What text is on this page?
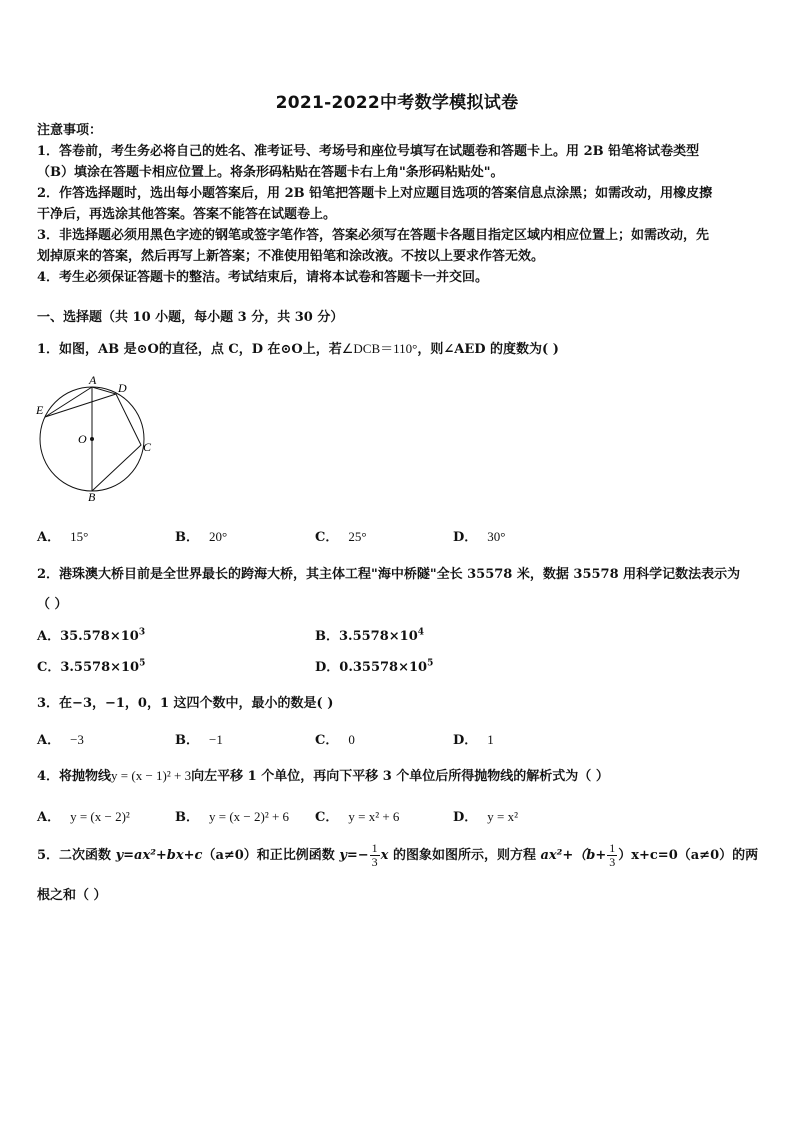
2021-2022中考数学模拟试卷
注意事项：
1．答卷前，考生务必将自己的姓名、准考证号、考场号和座位号填写在试题卷和答题卡上。用 2B 铅笔将试卷类型
（B）填涂在答题卡相应位置上。将条形码粘贴在答题卡右上角"条形码粘贴处"。
2．作答选择题时，选出每小题答案后，用 2B 铅笔把答题卡上对应题目选项的答案信息点涂黑；如需改动，用橡皮擦
干净后，再选涂其他答案。答案不能答在试题卷上。
3．非选择题必须用黑色字迹的钢笔或签字笔作答，答案必须写在答题卡各题目指定区域内相应位置上；如需改动，先
划掉原来的答案，然后再写上新答案；不准使用铅笔和涂改液。不按以上要求作答无效。
4．考生必须保证答题卡的整洁。考试结束后，请将本试卷和答题卡一并交回。
一、选择题（共 10 小题，每小题 3 分，共 30 分）
1．如图，AB 是⊙O的直径，点 C，D 在⊙O上，若∠DCB＝110°，则∠AED 的度数为( )
A
D
E
O
C
B
A． 15°	B． 20°	C． 25°	D． 30°
2．港珠澳大桥目前是全世界最长的跨海大桥，其主体工程"海中桥隧"全长 35578 米，数据 35578 用科学记数法表示为
（ ）
A．$35.578\times 10^3$	B．$3.5578\times 10^4$
C．$3.5578\times 10^5$	D．$0.35578\times 10^5$
3．在−3，−1，0，1 这四个数中，最小的数是( )
A． −3	B． −1	C． 0	D． 1
4．将抛物线y = (x − 1)² + 3向左平移 1 个单位，再向下平移 3 个单位后所得抛物线的解析式为（ ）
A． y = (x − 2)²	B． y = (x − 2)² + 6 C． y = x² + 6	D． y = x²
5．二次函数 y=ax²+bx+c（a≠0）和正比例函数 $y=- \frac{1}{3}$ x 的图象如图所示，则方程 $ax^2+(b+ \frac{1}{3} )x+c=0(a\ne 0)$的两
根之和（ ）
